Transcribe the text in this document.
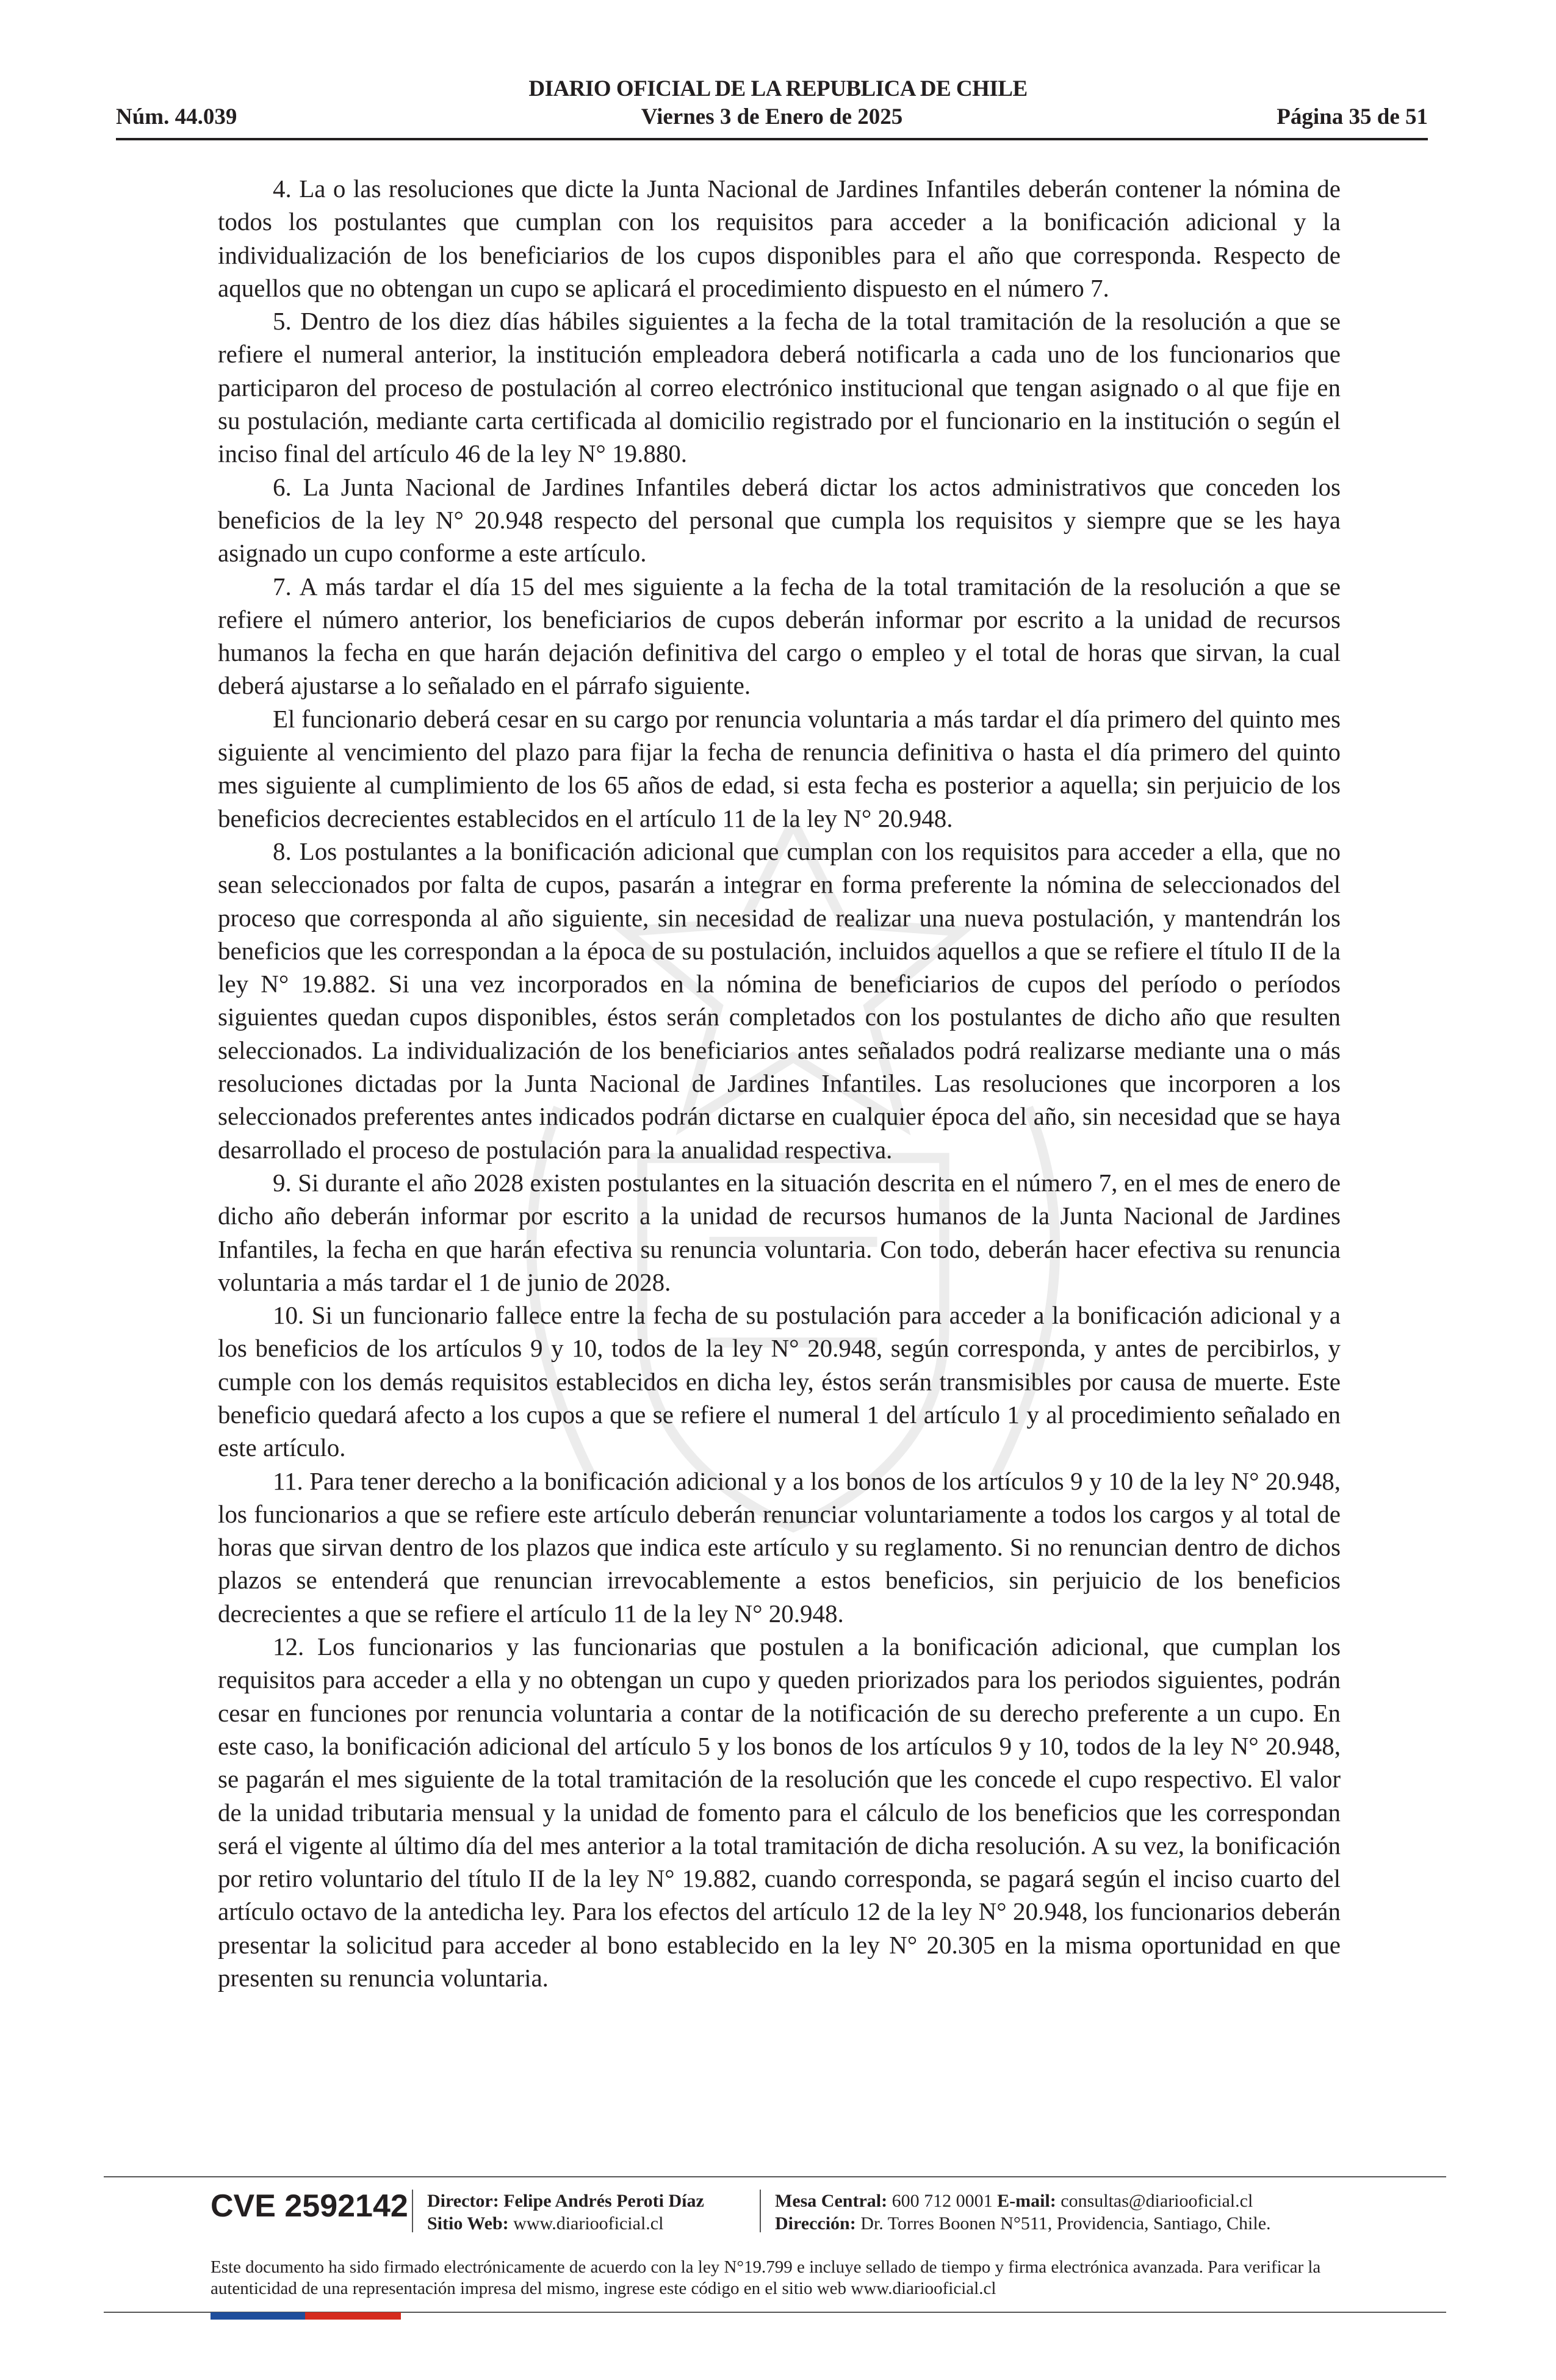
DIARIO OFICIAL DE LA REPUBLICA DE CHILE
Núm. 44.039	Viernes 3 de Enero de 2025	Página 35 de 51

4. La o las resoluciones que dicte la Junta Nacional de Jardines Infantiles deberán contener la nómina de todos los postulantes que cumplan con los requisitos para acceder a la bonificación adicional y la individualización de los beneficiarios de los cupos disponibles para el año que corresponda. Respecto de aquellos que no obtengan un cupo se aplicará el procedimiento dispuesto en el número 7.

5. Dentro de los diez días hábiles siguientes a la fecha de la total tramitación de la resolución a que se refiere el numeral anterior, la institución empleadora deberá notificarla a cada uno de los funcionarios que participaron del proceso de postulación al correo electrónico institucional que tengan asignado o al que fije en su postulación, mediante carta certificada al domicilio registrado por el funcionario en la institución o según el inciso final del artículo 46 de la ley N° 19.880.

6. La Junta Nacional de Jardines Infantiles deberá dictar los actos administrativos que conceden los beneficios de la ley N° 20.948 respecto del personal que cumpla los requisitos y siempre que se les haya asignado un cupo conforme a este artículo.

7. A más tardar el día 15 del mes siguiente a la fecha de la total tramitación de la resolución a que se refiere el número anterior, los beneficiarios de cupos deberán informar por escrito a la unidad de recursos humanos la fecha en que harán dejación definitiva del cargo o empleo y el total de horas que sirvan, la cual deberá ajustarse a lo señalado en el párrafo siguiente.

El funcionario deberá cesar en su cargo por renuncia voluntaria a más tardar el día primero del quinto mes siguiente al vencimiento del plazo para fijar la fecha de renuncia definitiva o hasta el día primero del quinto mes siguiente al cumplimiento de los 65 años de edad, si esta fecha es posterior a aquella; sin perjuicio de los beneficios decrecientes establecidos en el artículo 11 de la ley N° 20.948.

8. Los postulantes a la bonificación adicional que cumplan con los requisitos para acceder a ella, que no sean seleccionados por falta de cupos, pasarán a integrar en forma preferente la nómina de seleccionados del proceso que corresponda al año siguiente, sin necesidad de realizar una nueva postulación, y mantendrán los beneficios que les correspondan a la época de su postulación, incluidos aquellos a que se refiere el título II de la ley N° 19.882. Si una vez incorporados en la nómina de beneficiarios de cupos del período o períodos siguientes quedan cupos disponibles, éstos serán completados con los postulantes de dicho año que resulten seleccionados. La individualización de los beneficiarios antes señalados podrá realizarse mediante una o más resoluciones dictadas por la Junta Nacional de Jardines Infantiles. Las resoluciones que incorporen a los seleccionados preferentes antes indicados podrán dictarse en cualquier época del año, sin necesidad que se haya desarrollado el proceso de postulación para la anualidad respectiva.

9. Si durante el año 2028 existen postulantes en la situación descrita en el número 7, en el mes de enero de dicho año deberán informar por escrito a la unidad de recursos humanos de la Junta Nacional de Jardines Infantiles, la fecha en que harán efectiva su renuncia voluntaria. Con todo, deberán hacer efectiva su renuncia voluntaria a más tardar el 1 de junio de 2028.

10. Si un funcionario fallece entre la fecha de su postulación para acceder a la bonificación adicional y a los beneficios de los artículos 9 y 10, todos de la ley N° 20.948, según corresponda, y antes de percibirlos, y cumple con los demás requisitos establecidos en dicha ley, éstos serán transmisibles por causa de muerte. Este beneficio quedará afecto a los cupos a que se refiere el numeral 1 del artículo 1 y al procedimiento señalado en este artículo.

11. Para tener derecho a la bonificación adicional y a los bonos de los artículos 9 y 10 de la ley N° 20.948, los funcionarios a que se refiere este artículo deberán renunciar voluntariamente a todos los cargos y al total de horas que sirvan dentro de los plazos que indica este artículo y su reglamento. Si no renuncian dentro de dichos plazos se entenderá que renuncian irrevocablemente a estos beneficios, sin perjuicio de los beneficios decrecientes a que se refiere el artículo 11 de la ley N° 20.948.

12. Los funcionarios y las funcionarias que postulen a la bonificación adicional, que cumplan los requisitos para acceder a ella y no obtengan un cupo y queden priorizados para los periodos siguientes, podrán cesar en funciones por renuncia voluntaria a contar de la notificación de su derecho preferente a un cupo. En este caso, la bonificación adicional del artículo 5 y los bonos de los artículos 9 y 10, todos de la ley N° 20.948, se pagarán el mes siguiente de la total tramitación de la resolución que les concede el cupo respectivo. El valor de la unidad tributaria mensual y la unidad de fomento para el cálculo de los beneficios que les correspondan será el vigente al último día del mes anterior a la total tramitación de dicha resolución. A su vez, la bonificación por retiro voluntario del título II de la ley N° 19.882, cuando corresponda, se pagará según el inciso cuarto del artículo octavo de la antedicha ley. Para los efectos del artículo 12 de la ley N° 20.948, los funcionarios deberán presentar la solicitud para acceder al bono establecido en la ley N° 20.305 en la misma oportunidad en que presenten su renuncia voluntaria.

CVE 2592142 Director: Felipe Andrés Peroti Díaz
Sitio Web: www.diariooficial.cl
Mesa Central: 600 712 0001 E-mail: consultas@diariooficial.cl
Dirección: Dr. Torres Boonen N°511, Providencia, Santiago, Chile.
Este documento ha sido firmado electrónicamente de acuerdo con la ley N°19.799 e incluye sellado de tiempo y firma electrónica avanzada. Para verificar la autenticidad de una representación impresa del mismo, ingrese este código en el sitio web www.diariooficial.cl
